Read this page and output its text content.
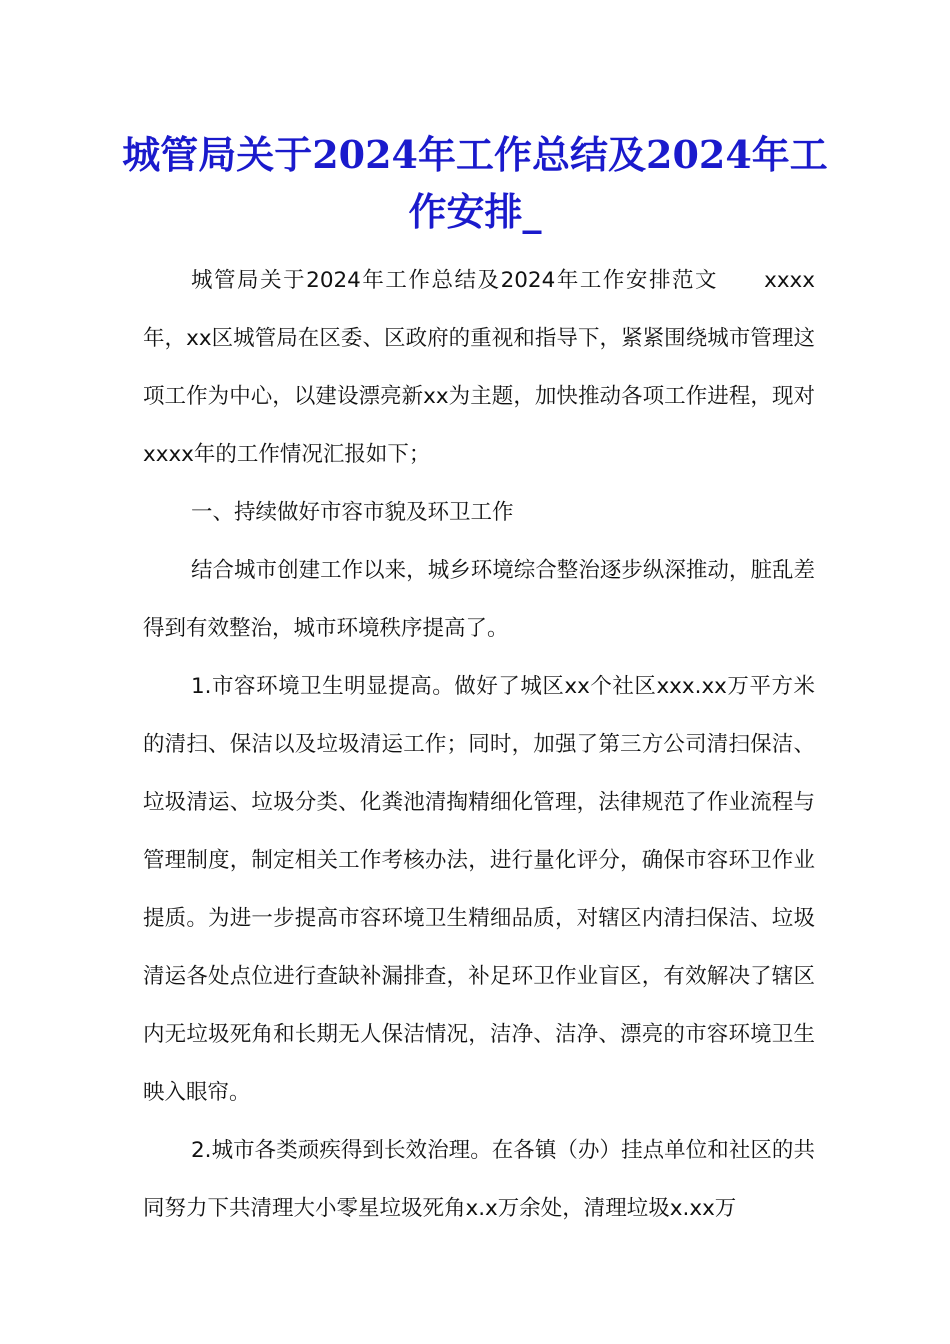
城管局关于2024年工作总结及2024年工作安排_

城管局关于2024年工作总结及2024年工作安排范文　　xxxx年，xx区城管局在区委、区政府的重视和指导下，紧紧围绕城市管理这项工作为中心，以建设漂亮新xx为主题，加快推动各项工作进程，现对xxxx年的工作情况汇报如下；

一、持续做好市容市貌及环卫工作

结合城市创建工作以来，城乡环境综合整治逐步纵深推动，脏乱差得到有效整治，城市环境秩序提高了。

1.市容环境卫生明显提高。做好了城区xx个社区xxx.xx万平方米的清扫、保洁以及垃圾清运工作；同时，加强了第三方公司清扫保洁、垃圾清运、垃圾分类、化粪池清掏精细化管理，法律规范了作业流程与管理制度，制定相关工作考核办法，进行量化评分，确保市容环卫作业提质。为进一步提高市容环境卫生精细品质，对辖区内清扫保洁、垃圾清运各处点位进行查缺补漏排查，补足环卫作业盲区，有效解决了辖区内无垃圾死角和长期无人保洁情况，洁净、洁净、漂亮的市容环境卫生映入眼帘。

2.城市各类顽疾得到长效治理。在各镇（办）挂点单位和社区的共同努力下共清理大小零星垃圾死角x.x万余处，清理垃圾x.xx万
